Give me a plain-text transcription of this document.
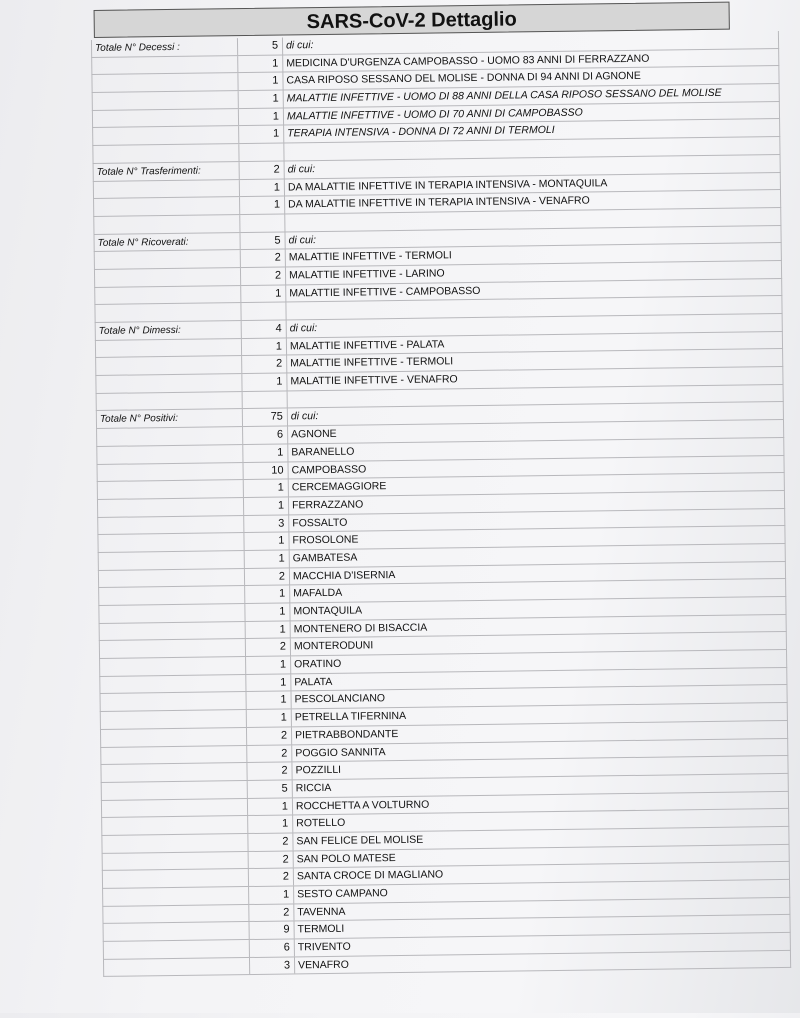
SARS-CoV-2 Dettaglio
Totale N° Decessi :	5 di cui:
1 MEDICINA D'URGENZA CAMPOBASSO - UOMO 83 ANNI DI FERRAZZANO
1 CASA RIPOSO SESSANO DEL MOLISE - DONNA DI 94 ANNI DI AGNONE
1 MALATTIE INFETTIVE - UOMO DI 88 ANNI DELLA CASA RIPOSO SESSANO DEL MOLISE
1 MALATTIE INFETTIVE - UOMO DI 70 ANNI DI CAMPOBASSO
1 TERAPIA INTENSIVA - DONNA DI 72 ANNI DI TERMOLI
Totale N° Trasferimenti:	2 di cui:
1 DA MALATTIE INFETTIVE IN TERAPIA INTENSIVA - MONTAQUILA
1 DA MALATTIE INFETTIVE IN TERAPIA INTENSIVA - VENAFRO
Totale N° Ricoverati:	5 di cui:
2 MALATTIE INFETTIVE - TERMOLI
2 MALATTIE INFETTIVE - LARINO
1 MALATTIE INFETTIVE - CAMPOBASSO
Totale N° Dimessi:	4 di cui:
1 MALATTIE INFETTIVE - PALATA
2 MALATTIE INFETTIVE - TERMOLI
1 MALATTIE INFETTIVE - VENAFRO
Totale N° Positivi:	75 di cui:
6 AGNONE
1 BARANELLO
10 CAMPOBASSO
1 CERCEMAGGIORE
1 FERRAZZANO
3 FOSSALTO
1 FROSOLONE
1 GAMBATESA
2 MACCHIA D'ISERNIA
1 MAFALDA
1 MONTAQUILA
1 MONTENERO DI BISACCIA
2 MONTERODUNI
1 ORATINO
1 PALATA
1 PESCOLANCIANO
1 PETRELLA TIFERNINA
2 PIETRABBONDANTE
2 POGGIO SANNITA
2 POZZILLI
5 RICCIA
1 ROCCHETTA A VOLTURNO
1 ROTELLO
2 SAN FELICE DEL MOLISE
2 SAN POLO MATESE
2 SANTA CROCE DI MAGLIANO
1 SESTO CAMPANO
2 TAVENNA
9 TERMOLI
6 TRIVENTO
3 VENAFRO
